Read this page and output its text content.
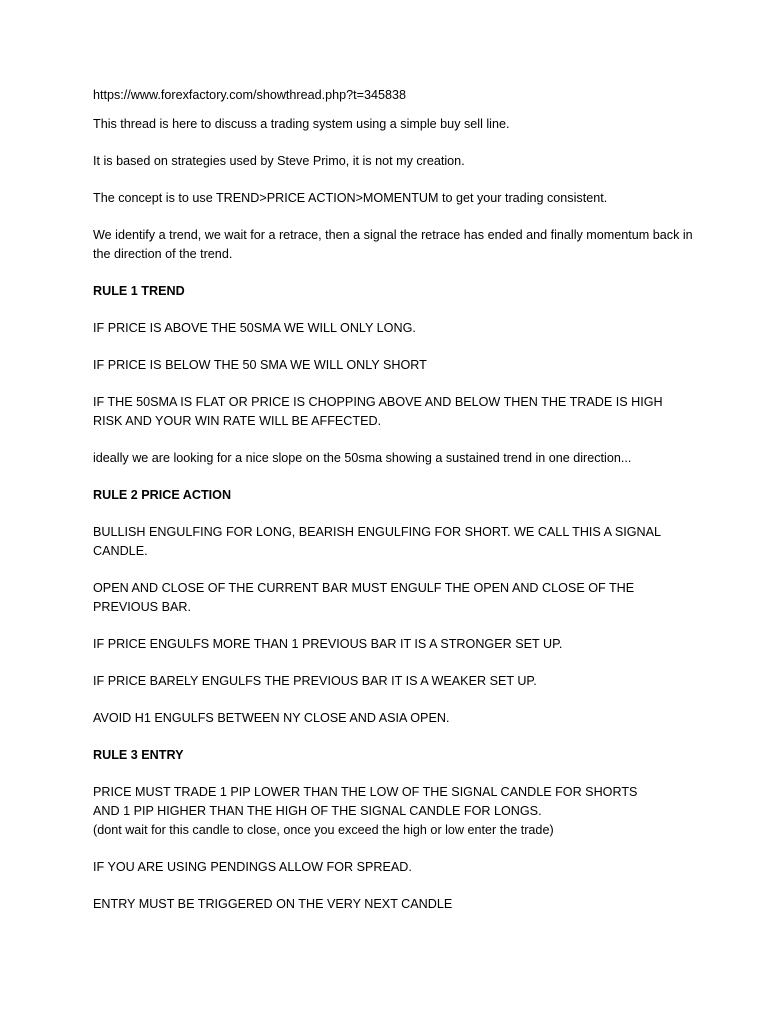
https://www.forexfactory.com/showthread.php?t=345838

This thread is here to discuss a trading system using a simple buy sell line.

It is based on strategies used by Steve Primo, it is not my creation.

The concept is to use TREND>PRICE ACTION>MOMENTUM to get your trading consistent.

We identify a trend, we wait for a retrace, then a signal the retrace has ended and finally momentum back in the direction of the trend.

RULE 1 TREND

IF PRICE IS ABOVE THE 50SMA WE WILL ONLY LONG.

IF PRICE IS BELOW THE 50 SMA WE WILL ONLY SHORT

IF THE 50SMA IS FLAT OR PRICE IS CHOPPING ABOVE AND BELOW THEN THE TRADE IS HIGH RISK AND YOUR WIN RATE WILL BE AFFECTED.

ideally we are looking for a nice slope on the 50sma showing a sustained trend in one direction...

RULE 2 PRICE ACTION

BULLISH ENGULFING FOR LONG, BEARISH ENGULFING FOR SHORT. WE CALL THIS A SIGNAL CANDLE.

OPEN AND CLOSE OF THE CURRENT BAR MUST ENGULF THE OPEN AND CLOSE OF THE PREVIOUS BAR.

IF PRICE ENGULFS MORE THAN 1 PREVIOUS BAR IT IS A STRONGER SET UP.

IF PRICE BARELY ENGULFS THE PREVIOUS BAR IT IS A WEAKER SET UP.

AVOID H1 ENGULFS BETWEEN NY CLOSE AND ASIA OPEN.

RULE 3 ENTRY

PRICE MUST TRADE 1 PIP LOWER THAN THE LOW OF THE SIGNAL CANDLE FOR SHORTS
AND 1 PIP HIGHER THAN THE HIGH OF THE SIGNAL CANDLE FOR LONGS.
(dont wait for this candle to close, once you exceed the high or low enter the trade)

IF YOU ARE USING PENDINGS ALLOW FOR SPREAD.

ENTRY MUST BE TRIGGERED ON THE VERY NEXT CANDLE
